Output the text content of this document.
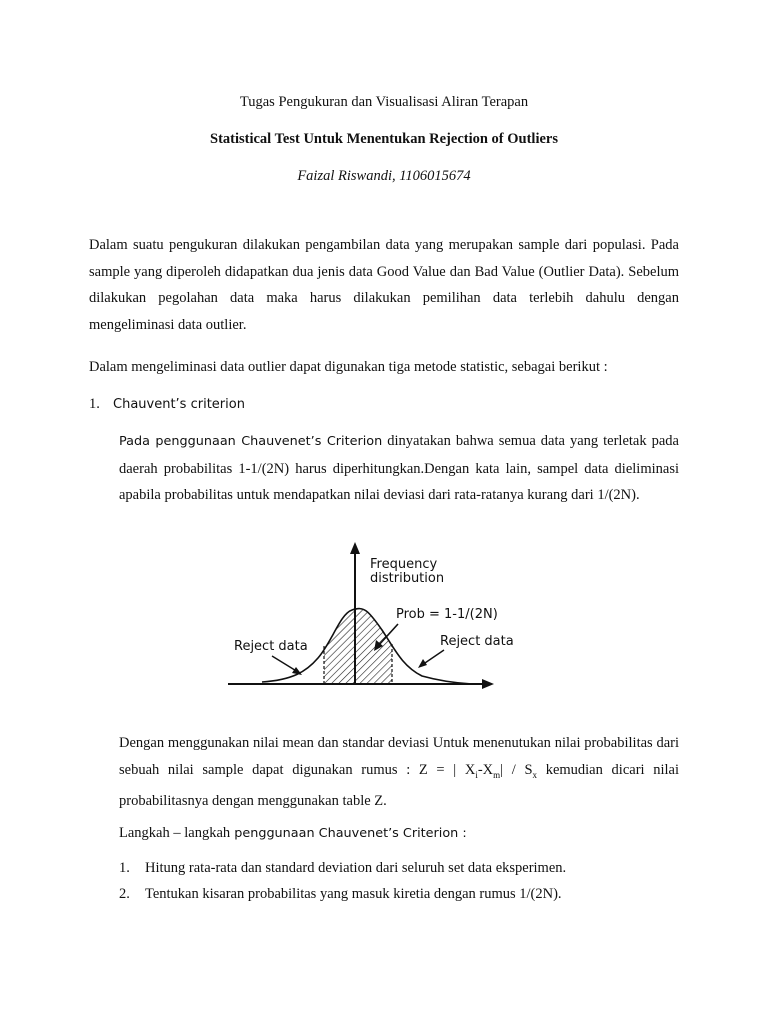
Tugas Pengukuran dan Visualisasi Aliran Terapan
Statistical Test Untuk Menentukan Rejection of Outliers
Faizal Riswandi, 1106015674
Dalam suatu pengukuran dilakukan pengambilan data yang merupakan sample dari populasi. Pada sample yang diperoleh didapatkan dua jenis data Good Value dan Bad Value (Outlier Data). Sebelum dilakukan pegolahan data maka harus dilakukan pemilihan data terlebih dahulu dengan mengeliminasi data outlier.
Dalam mengeliminasi data outlier dapat digunakan tiga metode statistic, sebagai berikut :
1. Chauvent’s criterion
Pada penggunaan Chauvenet’s Criterion dinyatakan bahwa semua data yang terletak pada daerah probabilitas 1-1/(2N) harus diperhitungkan.Dengan kata lain, sampel data dieliminasi apabila probabilitas untuk mendapatkan nilai deviasi dari rata-ratanya kurang dari 1/(2N).
Frequency
distribution
Prob = 1-1/(2N)
Reject data	Reject data
Dengan menggunakan nilai mean dan standar deviasi Untuk menenutukan nilai probabilitas dari sebuah nilai sample dapat digunakan rumus : Z = | $X_i-X_m| / S_x$ kemudian dicari nilai probabilitasnya dengan menggunakan table Z.
Langkah – langkah penggunaan Chauvenet’s Criterion :
1. Hitung rata-rata dan standard deviation dari seluruh set data eksperimen.
2. Tentukan kisaran probabilitas yang masuk kiretia dengan rumus 1/(2N).
